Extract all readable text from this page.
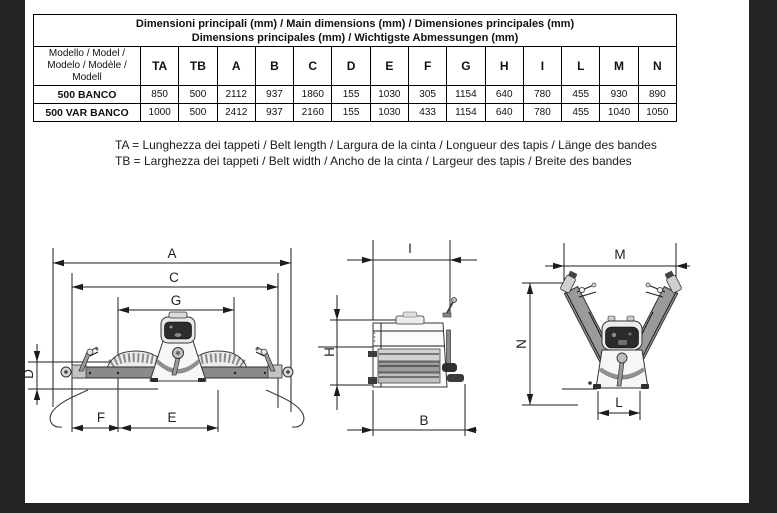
Dimensioni principali (mm) / Main dimensions (mm) / Dimensiones principales (mm)
Dimensions principales (mm) / Wichtigste Abmessungen (mm)														

Modello / Model /
Modelo / Modèle /
Modell	TA	TB	A	B	C	D	E	F	G	H	I	L	M	N
500 BANCO	850	500	2112	937	1860	155	1030	305	1154	640	780	455	930	890
500 VAR BANCO	1000	500	2412	937	2160	155	1030	433	1154	640	780	455	1040	1050
TA = Lunghezza dei tappeti / Belt length / Largura de la cinta / Longueur des tapis / Länge des bandes
TB = Larghezza dei tappeti / Belt width / Ancho de la cinta / Largeur des tapis / Breite des bandes
A
C
G
D
F	E
I
H
B
M
N
L
